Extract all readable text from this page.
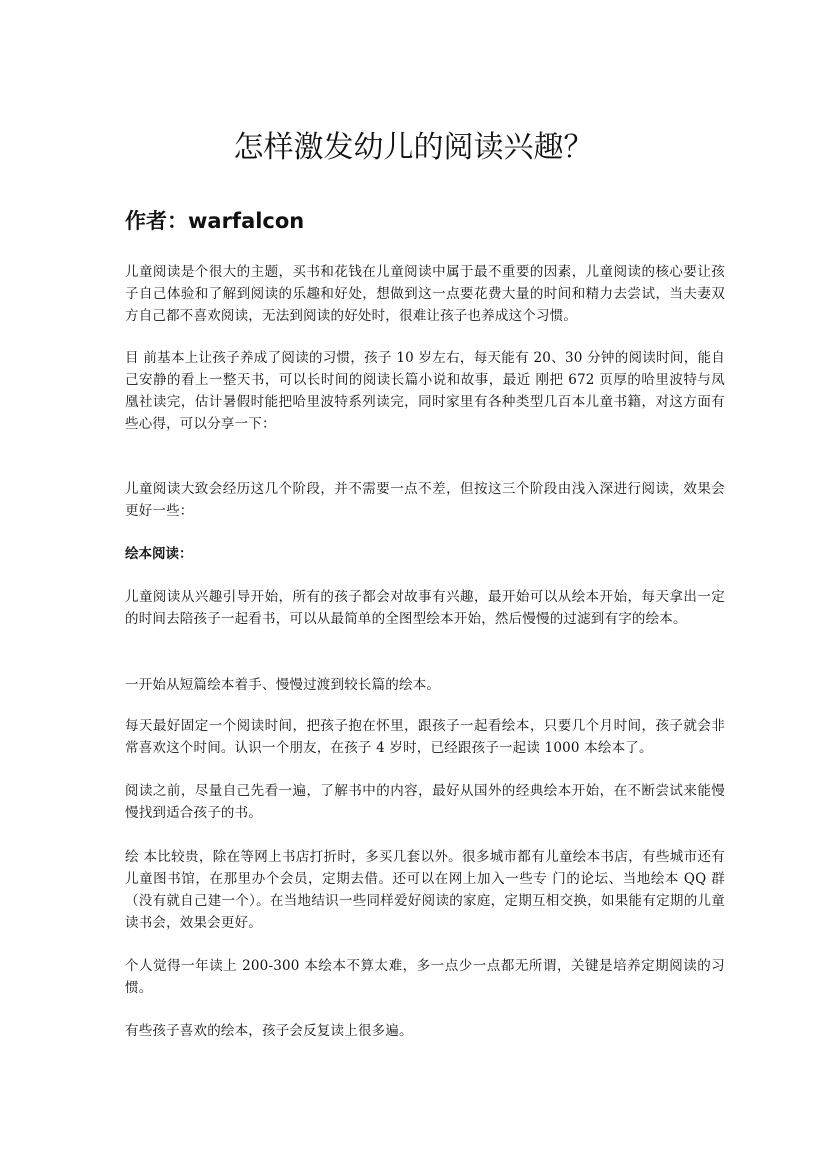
怎样激发幼儿的阅读兴趣？
作者：warfalcon

儿童阅读是个很大的主题，买书和花钱在儿童阅读中属于最不重要的因素，儿童阅读的核心要让孩子自己体验和了解到阅读的乐趣和好处，想做到这一点要花费大量的时间和精力去尝试，当夫妻双方自己都不喜欢阅读，无法到阅读的好处时，很难让孩子也养成这个习惯。

目 前基本上让孩子养成了阅读的习惯，孩子 10 岁左右，每天能有 20、30 分钟的阅读时间，能自己安静的看上一整天书，可以长时间的阅读长篇小说和故事，最近 刚把 672 页厚的哈里波特与凤凰社读完，估计暑假时能把哈里波特系列读完，同时家里有各种类型几百本儿童书籍，对这方面有些心得，可以分享一下：

儿童阅读大致会经历这几个阶段，并不需要一点不差，但按这三个阶段由浅入深进行阅读，效果会更好一些：

绘本阅读：

儿童阅读从兴趣引导开始，所有的孩子都会对故事有兴趣，最开始可以从绘本开始，每天拿出一定的时间去陪孩子一起看书，可以从最简单的全图型绘本开始，然后慢慢的过滤到有字的绘本。

一开始从短篇绘本着手、慢慢过渡到较长篇的绘本。

每天最好固定一个阅读时间，把孩子抱在怀里，跟孩子一起看绘本，只要几个月时间，孩子就会非常喜欢这个时间。认识一个朋友，在孩子 4 岁时，已经跟孩子一起读 1000 本绘本了。

阅读之前，尽量自己先看一遍，了解书中的内容，最好从国外的经典绘本开始，在不断尝试来能慢慢找到适合孩子的书。

绘 本比较贵，除在等网上书店打折时，多买几套以外。很多城市都有儿童绘本书店，有些城市还有儿童图书馆，在那里办个会员，定期去借。还可以在网上加入一些专 门的论坛、当地绘本 QQ 群（没有就自己建一个）。在当地结识一些同样爱好阅读的家庭，定期互相交换，如果能有定期的儿童读书会，效果会更好。

个人觉得一年读上 200-300 本绘本不算太难，多一点少一点都无所谓，关键是培养定期阅读的习惯。

有些孩子喜欢的绘本，孩子会反复读上很多遍。
